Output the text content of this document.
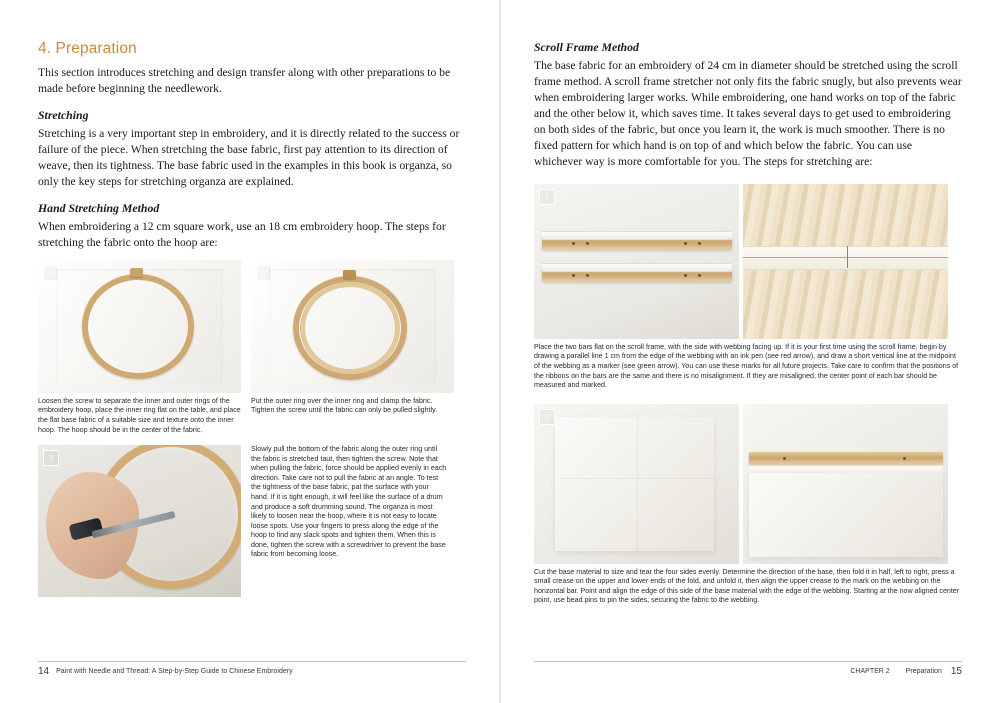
4. Preparation

This section introduces stretching and design transfer along with other preparations to be made before beginning the needlework.

Stretching

Stretching is a very important step in embroidery, and it is directly related to the success or failure of the piece. When stretching the base fabric, first pay attention to its direction of weave, then its tightness. The base fabric used in the examples in this book is organza, so only the key steps for stretching organza are explained.

Hand Stretching Method

When embroidering a 12 cm square work, use an 18 cm embroidery hoop. The steps for stretching the fabric onto the hoop are:

1

Loosen the screw to separate the inner and outer rings of the embroidery hoop, place the inner ring flat on the table, and place the flat base fabric of a suitable size and texture onto the inner hoop. The hoop should be in the center of the fabric.

2

Put the outer ring over the inner ring and clamp the fabric. Tighten the screw until the fabric can only be pulled slightly.

3

Slowly pull the bottom of the fabric along the outer ring until the fabric is stretched taut, then tighten the screw. Note that when pulling the fabric, force should be applied evenly in each direction. Take care not to pull the fabric at an angle. To test the tightness of the base fabric, pat the surface with your hand. If it is tight enough, it will feel like the surface of a drum and produce a soft drumming sound. The organza is most likely to loosen near the hoop, where it is not easy to locate loose spots. Use your fingers to press along the edge of the hoop to find any slack spots and tighten them. When this is done, tighten the screw with a screwdriver to prevent the base fabric from becoming loose.

14 Paint with Needle and Thread: A Step-by-Step Guide to Chinese Embroidery
Scroll Frame Method

The base fabric for an embroidery of 24 cm in diameter should be stretched using the scroll frame method. A scroll frame stretcher not only fits the fabric snugly, but also prevents wear when embroidering larger works. While embroidering, one hand works on top of the fabric and the other below it, which saves time. It takes several days to get used to embroidering on both sides of the fabric, but once you learn it, the work is much smoother. There is no fixed pattern for which hand is on top of and which below the fabric. You can use whichever way is more comfortable for you. The steps for stretching are:

1

Place the two bars flat on the scroll frame, with the side with webbing facing up. If it is your first time using the scroll frame, begin by drawing a parallel line 1 cm from the edge of the webbing with an ink pen (see red arrow), and draw a short vertical line at the midpoint of the webbing as a marker (see green arrow). You can use these marks for all future projects. Take care to confirm that the positions of the ribbons on the bars are the same and there is no misalignment. If they are misaligned, the center point of each bar should be measured and marked.

2

Cut the base material to size and tear the four sides evenly. Determine the direction of the base, then fold it in half, left to right, press a small crease on the upper and lower ends of the fold, and unfold it, then align the upper crease to the mark on the webbing on the horizontal bar. Point and align the edge of this side of the base material with the edge of the webbing. Starting at the now aligned center point, use bead pins to pin the sides, securing the fabric to the webbing.

CHAPTER 2 Preparation 15
